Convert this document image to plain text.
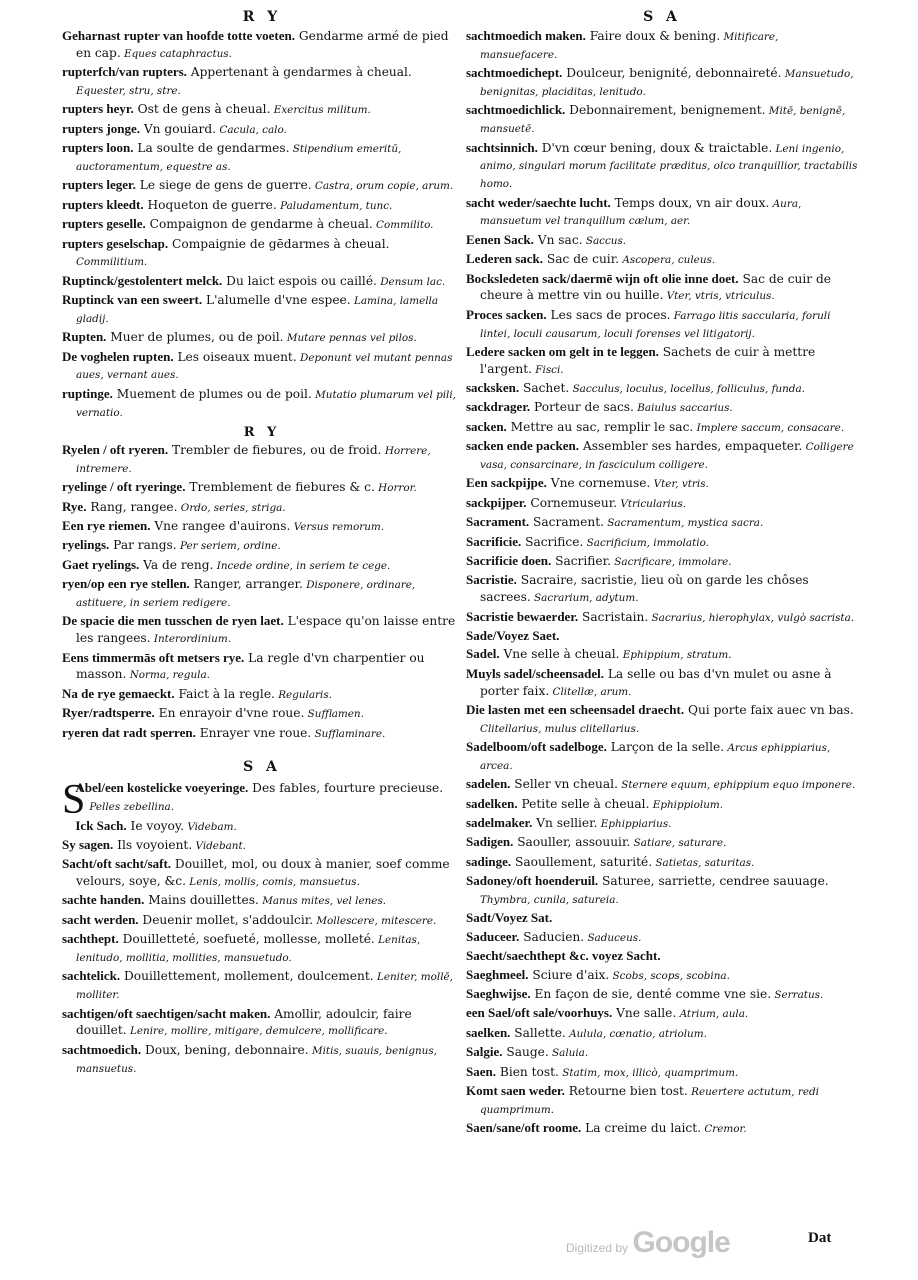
R Y
Geharnast rupter van hoofde totte voeten. Gendarme armé de pied en cap. Eques cataphractus.
rupterfch/van rupters. Appertenant à gendarmes à cheual. Equester, stru, stre.
rupters heyr. Ost de gens à cheual. Exercitus militum.
rupters jonge. Vn gouiard. Cacula, calo.
rupters loon. La soulte de gendarmes. Stipendium emeritū, auctoramentum, equestre as.
rupters leger. Le siege de gens de guerre. Castra, orum copie, arum.
rupters kleedt. Hoqueton de guerre. Paludamentum, tunc.
rupters geselle. Compaignon de gendarme à cheual. Commilito.
rupters geselschap. Compaignie de gēdarmes à cheual. Commilitium.
Ruptinck/gestolentert melck. Du laict espois ou caillé. Densum lac.
Ruptinck van een sweert. L'alumelle d'vne espee. Lamina, lamella gladij.
Rupten. Muer de plumes, ou de poil. Mutare pennas vel pilos.
De voghelen rupten. Les oiseaux muent. Deponunt vel mutant pennas aues, vernant aues.
ruptinge. Muement de plumes ou de poil. Mutatio plumarum vel pili, vernatio.
R Y
Ryelen / oft ryeren. Trembler de fiebures, ou de froid. Horrere, intremere.
ryelinge / oft ryeringe. Tremblement de fiebures & c. Horror.
Rye. Rang, rangee. Ordo, series, striga.
Een rye riemen. Vne rangee d'auirons. Versus remorum.
ryelings. Par rangs. Per seriem, ordine.
Gaet ryelings. Va de reng. Incede ordine, in seriem te cege.
ryen/op een rye stellen. Ranger, arranger. Disponere, ordinare, astituere, in seriem redigere.
De spacie die men tusschen de ryen laet. L'espace qu'on laisse entre les rangees. Interordinium.
Eens timmermās oft metsers rye. La regle d'vn charpentier ou masson. Norma, regula.
Na de rye gemaeckt. Faict à la regle. Regularis.
Ryer/radtsperre. En enrayoir d'vne roue. Sufflamen.
ryeren dat radt sperren. Enrayer vne roue. Sufflaminare.
S A
S
Abel/een kostelicke voeyeringe. Des fables, fourture precieuse. Pelles zebellina.
Ick Sach. Ie voyoy. Videbam.
Sy sagen. Ils voyoient. Videbant.
Sacht/oft sacht/saft. Douillet, mol, ou doux à manier, soef comme velours, soye, &c. Lenis, mollis, comis, mansuetus.
sachte handen. Mains douillettes. Manus mites, vel lenes.
sacht werden. Deuenir mollet, s'addoulcir. Mollescere, mitescere.
sachthept. Douilletteté, soefueté, mollesse, molleté. Lenitas, lenitudo, mollitia, mollities, mansuetudo.
sachtelick. Douillettement, mollement, doulcement. Leniter, mollē, molliter.
sachtigen/oft saechtigen/sacht maken. Amollir, adoulcir, faire douillet. Lenire, mollire, mitigare, demulcere, mollificare.
sachtmoedich. Doux, bening, debonnaire. Mitis, suauis, benignus, mansuetus.
S A
sachtmoedich maken. Faire doux & bening. Mitificare, mansuefacere.
sachtmoedichept. Doulceur, benignité, debonnaireté. Mansuetudo, benignitas, placiditas, lenitudo.
sachtmoedichlick. Debonnairement, benignement. Mitē, benignē, mansuetē.
sachtsinnich. D'vn cœur bening, doux & traictable. Leni ingenio, animo, singulari morum facilitate præditus, olco tranquillior, tractabilis homo.
sacht weder/saechte lucht. Temps doux, vn air doux. Aura, mansuetum vel tranquillum cælum, aer.
Eenen Sack. Vn sac. Saccus.
Lederen sack. Sac de cuir. Ascopera, culeus.
Bocksledeten sack/daermē wijn oft olie inne doet. Sac de cuir de cheure à mettre vin ou huille. Vter, vtris, vtriculus.
Proces sacken. Les sacs de proces. Farrago litis saccularia, foruli lintei, loculi causarum, loculi forenses vel litigatorij.
Ledere sacken om gelt in te leggen. Sachets de cuir à mettre l'argent. Fisci.
sacksken. Sachet. Sacculus, loculus, locellus, folliculus, funda.
sackdrager. Porteur de sacs. Baiulus saccarius.
sacken. Mettre au sac, remplir le sac. Implere saccum, consacare.
sacken ende packen. Assembler ses hardes, empaqueter. Colligere vasa, consarcinare, in fasciculum colligere.
Een sackpijpe. Vne cornemuse. Vter, vtris.
sackpijper. Cornemuseur. Vtricularius.
Sacrament. Sacrament. Sacramentum, mystica sacra.
Sacrificie. Sacrifice. Sacrificium, immolatio.
Sacrificie doen. Sacrifier. Sacrificare, immolare.
Sacristie. Sacraire, sacristie, lieu où on garde les chôses sacrees. Sacrarium, adytum.
Sacristie bewaerder. Sacristain. Sacrarius, hierophylax, vulgò sacrista.
Sade/Voyez Saet.
Sadel. Vne selle à cheual. Ephippium, stratum.
Muyls sadel/scheensadel. La selle ou bas d'vn mulet ou asne à porter faix. Clitellæ, arum.
Die lasten met een scheensadel draecht. Qui porte faix auec vn bas. Clitellarius, mulus clitellarius.
Sadelboom/oft sadelboge. Larçon de la selle. Arcus ephippiarius, arcea.
sadelen. Seller vn cheual. Sternere equum, ephippium equo imponere.
sadelken. Petite selle à cheual. Ephippiolum.
sadelmaker. Vn sellier. Ephippiarius.
Sadigen. Saouller, assouuir. Satiare, saturare.
sadinge. Saoullement, saturité. Satietas, saturitas.
Sadoney/oft hoenderuil. Saturee, sarriette, cendree sauuage. Thymbra, cunila, satureia.
Sadt/Voyez Sat.
Saduceer. Saducien. Saduceus.
Saecht/saechthept &c. voyez Sacht.
Saeghmeel. Sciure d'aix. Scobs, scops, scobina.
Saeghwijse. En façon de sie, denté comme vne sie. Serratus.
een Sael/oft sale/voorhuys. Vne salle. Atrium, aula.
saelken. Sallette. Aulula, cœnatio, atriolum.
Salgie. Sauge. Saluia.
Saen. Bien tost. Statim, mox, illicò, quamprimum.
Komt saen weder. Retourne bien tost. Reuertere actutum, redi quamprimum.
Saen/sane/oft roome. La creime du laict. Cremor.
Digitized by Google	Dat
